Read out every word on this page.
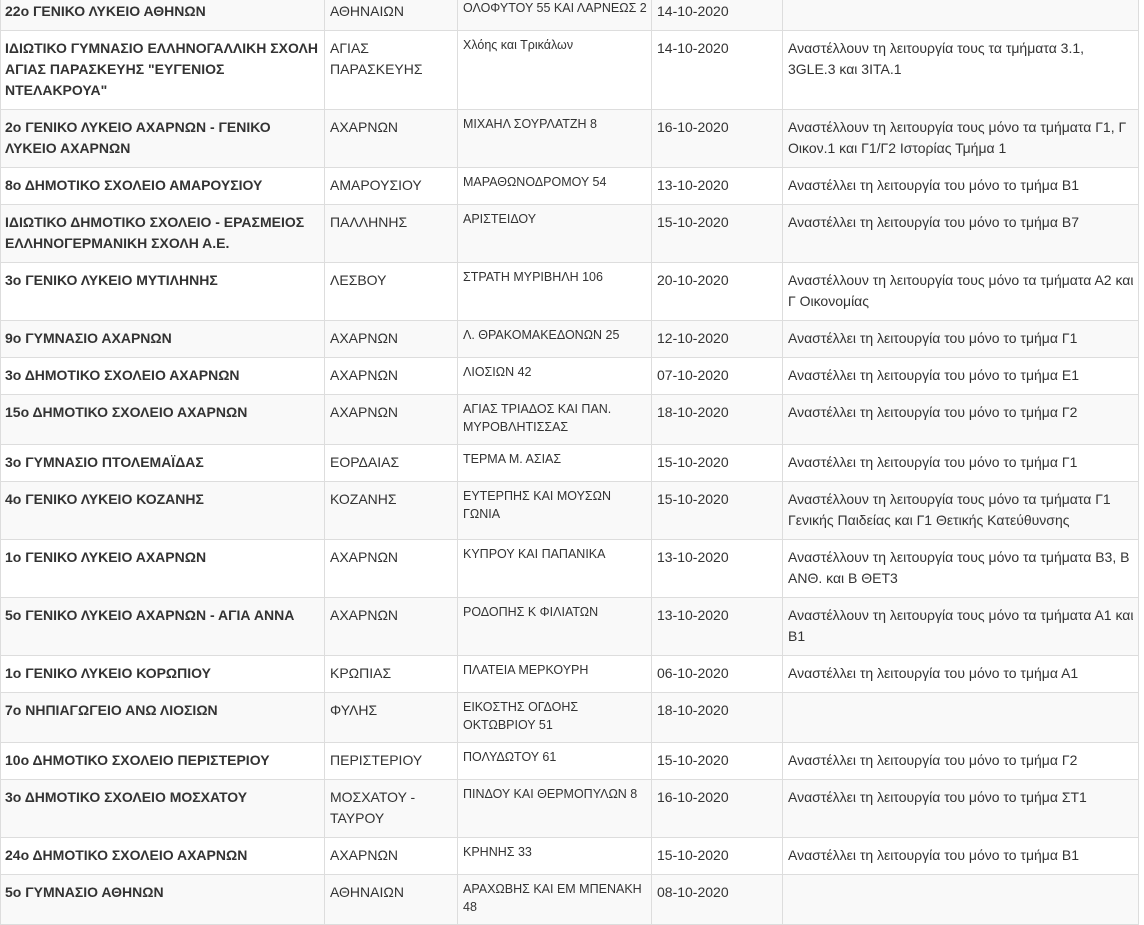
22ο ΓΕΝΙΚΟ ΛΥΚΕΙΟ ΑΘΗΝΩΝ	ΑΘΗΝΑΙΩΝ	ΟΛΟΦΥΤΟΥ 55 ΚΑΙ ΛΑΡΝΕΩΣ 2	14-10-2020	
ΙΔΙΩΤΙΚΟ ΓΥΜΝΑΣΙΟ ΕΛΛΗΝΟΓΑΛΛΙΚΗ ΣΧΟΛΗ ΑΓΙΑΣ ΠΑΡΑΣΚΕΥΗΣ "ΕΥΓΕΝΙΟΣ ΝΤΕΛΑΚΡΟΥΑ"	ΑΓΙΑΣ ΠΑΡΑΣΚΕΥΗΣ	Χλόης και Τρικάλων	14-10-2020	Αναστέλλουν τη λειτουργία τους τα τμήματα 3.1, 3GLE.3 και 3ITA.1
2ο ΓΕΝΙΚΟ ΛΥΚΕΙΟ ΑΧΑΡΝΩΝ - ΓΕΝΙΚΟ ΛΥΚΕΙΟ ΑΧΑΡΝΩΝ	ΑΧΑΡΝΩΝ	ΜΙΧΑΗΛ ΣΟΥΡΛΑΤΖΗ 8	16-10-2020	Αναστέλλουν τη λειτουργία τους μόνο τα τμήματα Γ1, Γ Οικον.1 και Γ1/Γ2 Ιστορίας Τμήμα 1
8ο ΔΗΜΟΤΙΚΟ ΣΧΟΛΕΙΟ ΑΜΑΡΟΥΣΙΟΥ	ΑΜΑΡΟΥΣΙΟΥ	ΜΑΡΑΘΩΝΟΔΡΟΜΟΥ 54	13-10-2020	Αναστέλλει τη λειτουργία του μόνο το τμήμα Β1
ΙΔΙΩΤΙΚΟ ΔΗΜΟΤΙΚΟ ΣΧΟΛΕΙΟ - ΕΡΑΣΜΕΙΟΣ ΕΛΛΗΝΟΓΕΡΜΑΝΙΚΗ ΣΧΟΛΗ Α.Ε.	ΠΑΛΛΗΝΗΣ	ΑΡΙΣΤΕΙΔΟΥ	15-10-2020	Αναστέλλει τη λειτουργία του μόνο το τμήμα Β7
3ο ΓΕΝΙΚΟ ΛΥΚΕΙΟ ΜΥΤΙΛΗΝΗΣ	ΛΕΣΒΟΥ	ΣΤΡΑΤΗ ΜΥΡΙΒΗΛΗ 106	20-10-2020	Αναστέλλουν τη λειτουργία τους μόνο τα τμήματα Α2 και Γ Οικονομίας
9ο ΓΥΜΝΑΣΙΟ ΑΧΑΡΝΩΝ	ΑΧΑΡΝΩΝ	Λ. ΘΡΑΚΟΜΑΚΕΔΟΝΩΝ 25	12-10-2020	Αναστέλλει τη λειτουργία του μόνο το τμήμα Γ1
3ο ΔΗΜΟΤΙΚΟ ΣΧΟΛΕΙΟ ΑΧΑΡΝΩΝ	ΑΧΑΡΝΩΝ	ΛΙΟΣΙΩΝ 42	07-10-2020	Αναστέλλει τη λειτουργία του μόνο το τμήμα Ε1
15ο ΔΗΜΟΤΙΚΟ ΣΧΟΛΕΙΟ ΑΧΑΡΝΩΝ	ΑΧΑΡΝΩΝ	ΑΓΙΑΣ ΤΡΙΑΔΟΣ ΚΑΙ ΠΑΝ. ΜΥΡΟΒΛΗΤΙΣΣΑΣ	18-10-2020	Αναστέλλει τη λειτουργία του μόνο το τμήμα Γ2
3ο ΓΥΜΝΑΣΙΟ ΠΤΟΛΕΜΑΪΔΑΣ	ΕΟΡΔΑΙΑΣ	ΤΕΡΜΑ Μ. ΑΣΙΑΣ	15-10-2020	Αναστέλλει τη λειτουργία του μόνο το τμήμα Γ1
4ο ΓΕΝΙΚΟ ΛΥΚΕΙΟ ΚΟΖΑΝΗΣ	ΚΟΖΑΝΗΣ	ΕΥΤΕΡΠΗΣ ΚΑΙ ΜΟΥΣΩΝ ΓΩΝΙΑ	15-10-2020	Αναστέλλουν τη λειτουργία τους μόνο τα τμήματα Γ1 Γενικής Παιδείας και Γ1 Θετικής Κατεύθυνσης
1ο ΓΕΝΙΚΟ ΛΥΚΕΙΟ ΑΧΑΡΝΩΝ	ΑΧΑΡΝΩΝ	ΚΥΠΡΟΥ ΚΑΙ ΠΑΠΑΝΙΚΑ	13-10-2020	Αναστέλλουν τη λειτουργία τους μόνο τα τμήματα Β3, Β ΑΝΘ. και Β ΘΕΤ3
5ο ΓΕΝΙΚΟ ΛΥΚΕΙΟ ΑΧΑΡΝΩΝ - ΑΓΙΑ ΑΝΝΑ	ΑΧΑΡΝΩΝ	ΡΟΔΟΠΗΣ Κ ΦΙΛΙΑΤΩΝ	13-10-2020	Αναστέλλουν τη λειτουργία τους μόνο τα τμήματα Α1 και Β1
1ο ΓΕΝΙΚΟ ΛΥΚΕΙΟ ΚΟΡΩΠΙΟΥ	ΚΡΩΠΙΑΣ	ΠΛΑΤΕΙΑ ΜΕΡΚΟΥΡΗ	06-10-2020	Αναστέλλει τη λειτουργία του μόνο το τμήμα Α1
7ο ΝΗΠΙΑΓΩΓΕΙΟ ΑΝΩ ΛΙΟΣΙΩΝ	ΦΥΛΗΣ	ΕΙΚΟΣΤΗΣ ΟΓΔΟΗΣ ΟΚΤΩΒΡΙΟΥ 51	18-10-2020	
10ο ΔΗΜΟΤΙΚΟ ΣΧΟΛΕΙΟ ΠΕΡΙΣΤΕΡΙΟΥ	ΠΕΡΙΣΤΕΡΙΟΥ	ΠΟΛΥΔΩΤΟΥ 61	15-10-2020	Αναστέλλει τη λειτουργία του μόνο το τμήμα Γ2
3ο ΔΗΜΟΤΙΚΟ ΣΧΟΛΕΙΟ ΜΟΣΧΑΤΟΥ	ΜΟΣΧΑΤΟΥ - ΤΑΥΡΟΥ	ΠΙΝΔΟΥ ΚΑΙ ΘΕΡΜΟΠΥΛΩΝ 8	16-10-2020	Αναστέλλει τη λειτουργία του μόνο το τμήμα ΣΤ1
24ο ΔΗΜΟΤΙΚΟ ΣΧΟΛΕΙΟ ΑΧΑΡΝΩΝ	ΑΧΑΡΝΩΝ	ΚΡΗΝΗΣ 33	15-10-2020	Αναστέλλει τη λειτουργία του μόνο το τμήμα Β1
5ο ΓΥΜΝΑΣΙΟ ΑΘΗΝΩΝ	ΑΘΗΝΑΙΩΝ	ΑΡΑΧΩΒΗΣ ΚΑΙ ΕΜ ΜΠΕΝΑΚΗ 48	08-10-2020	
